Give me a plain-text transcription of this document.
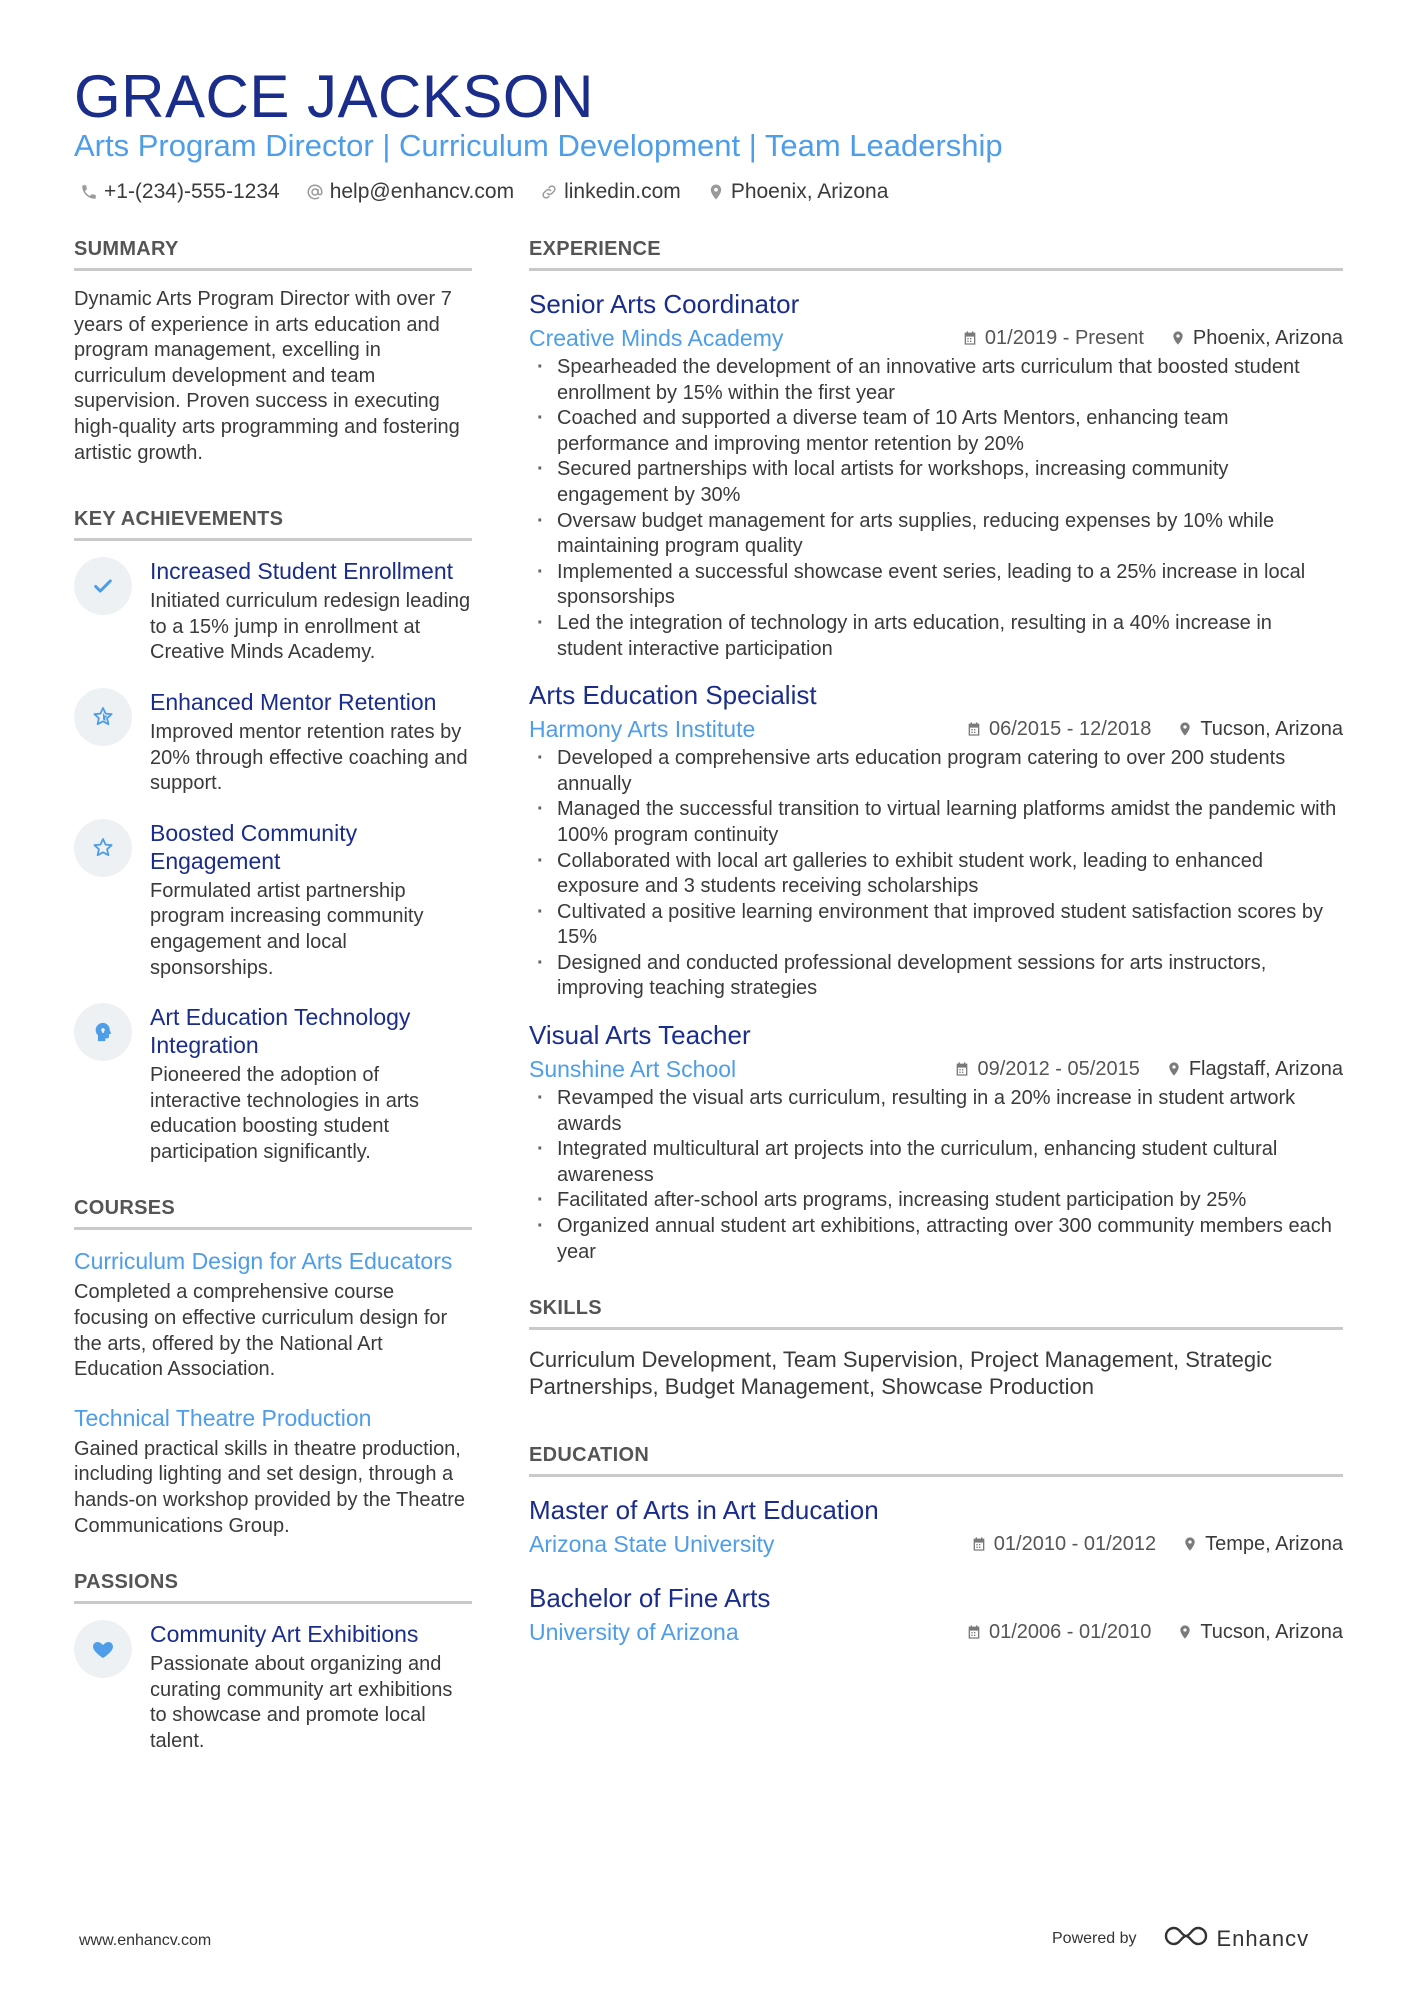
GRACE JACKSON
Arts Program Director | Curriculum Development | Team Leadership
+1-(234)-555-1234 help@enhancv.com linkedin.com Phoenix, Arizona
SUMMARY

Dynamic Arts Program Director with over 7 years of experience in arts education and program management, excelling in curriculum development and team supervision. Proven success in executing high-quality arts programming and fostering artistic growth.

KEY ACHIEVEMENTS
Increased Student Enrollment

Initiated curriculum redesign leading to a 15% jump in enrollment at Creative Minds Academy.

Enhanced Mentor Retention

Improved mentor retention rates by 20% through effective coaching and support.

Boosted Community Engagement

Formulated artist partnership program increasing community engagement and local sponsorships.

Art Education Technology Integration

Pioneered the adoption of interactive technologies in arts education boosting student participation significantly.

COURSES
Curriculum Design for Arts Educators

Completed a comprehensive course focusing on effective curriculum design for the arts, offered by the National Art Education Association.

Technical Theatre Production

Gained practical skills in theatre production, including lighting and set design, through a hands-on workshop provided by the Theatre Communications Group.

PASSIONS
Community Art Exhibitions

Passionate about organizing and curating community art exhibitions to showcase and promote local talent.

EXPERIENCE
Senior Arts Coordinator
Creative Minds Academy	01/2019 - Present Phoenix, Arizona
· Spearheaded the development of an innovative arts curriculum that boosted student enrollment by 15% within the first year
· Coached and supported a diverse team of 10 Arts Mentors, enhancing team performance and improving mentor retention by 20%
· Secured partnerships with local artists for workshops, increasing community engagement by 30%
· Oversaw budget management for arts supplies, reducing expenses by 10% while maintaining program quality
· Implemented a successful showcase event series, leading to a 25% increase in local sponsorships
· Led the integration of technology in arts education, resulting in a 40% increase in student interactive participation
Arts Education Specialist
Harmony Arts Institute	06/2015 - 12/2018 Tucson, Arizona
· Developed a comprehensive arts education program catering to over 200 students annually
· Managed the successful transition to virtual learning platforms amidst the pandemic with 100% program continuity
· Collaborated with local art galleries to exhibit student work, leading to enhanced exposure and 3 students receiving scholarships
· Cultivated a positive learning environment that improved student satisfaction scores by 15%
· Designed and conducted professional development sessions for arts instructors, improving teaching strategies
Visual Arts Teacher
Sunshine Art School	09/2012 - 05/2015 Flagstaff, Arizona
· Revamped the visual arts curriculum, resulting in a 20% increase in student artwork awards
· Integrated multicultural art projects into the curriculum, enhancing student cultural awareness
· Facilitated after-school arts programs, increasing student participation by 25%
· Organized annual student art exhibitions, attracting over 300 community members each year
SKILLS

Curriculum Development, Team Supervision, Project Management, Strategic Partnerships, Budget Management, Showcase Production

EDUCATION
Master of Arts in Art Education
Arizona State University	01/2010 - 01/2012 Tempe, Arizona
Bachelor of Fine Arts
University of Arizona	01/2006 - 01/2010 Tucson, Arizona
www.enhancv.com	Powered by	Enhancv
